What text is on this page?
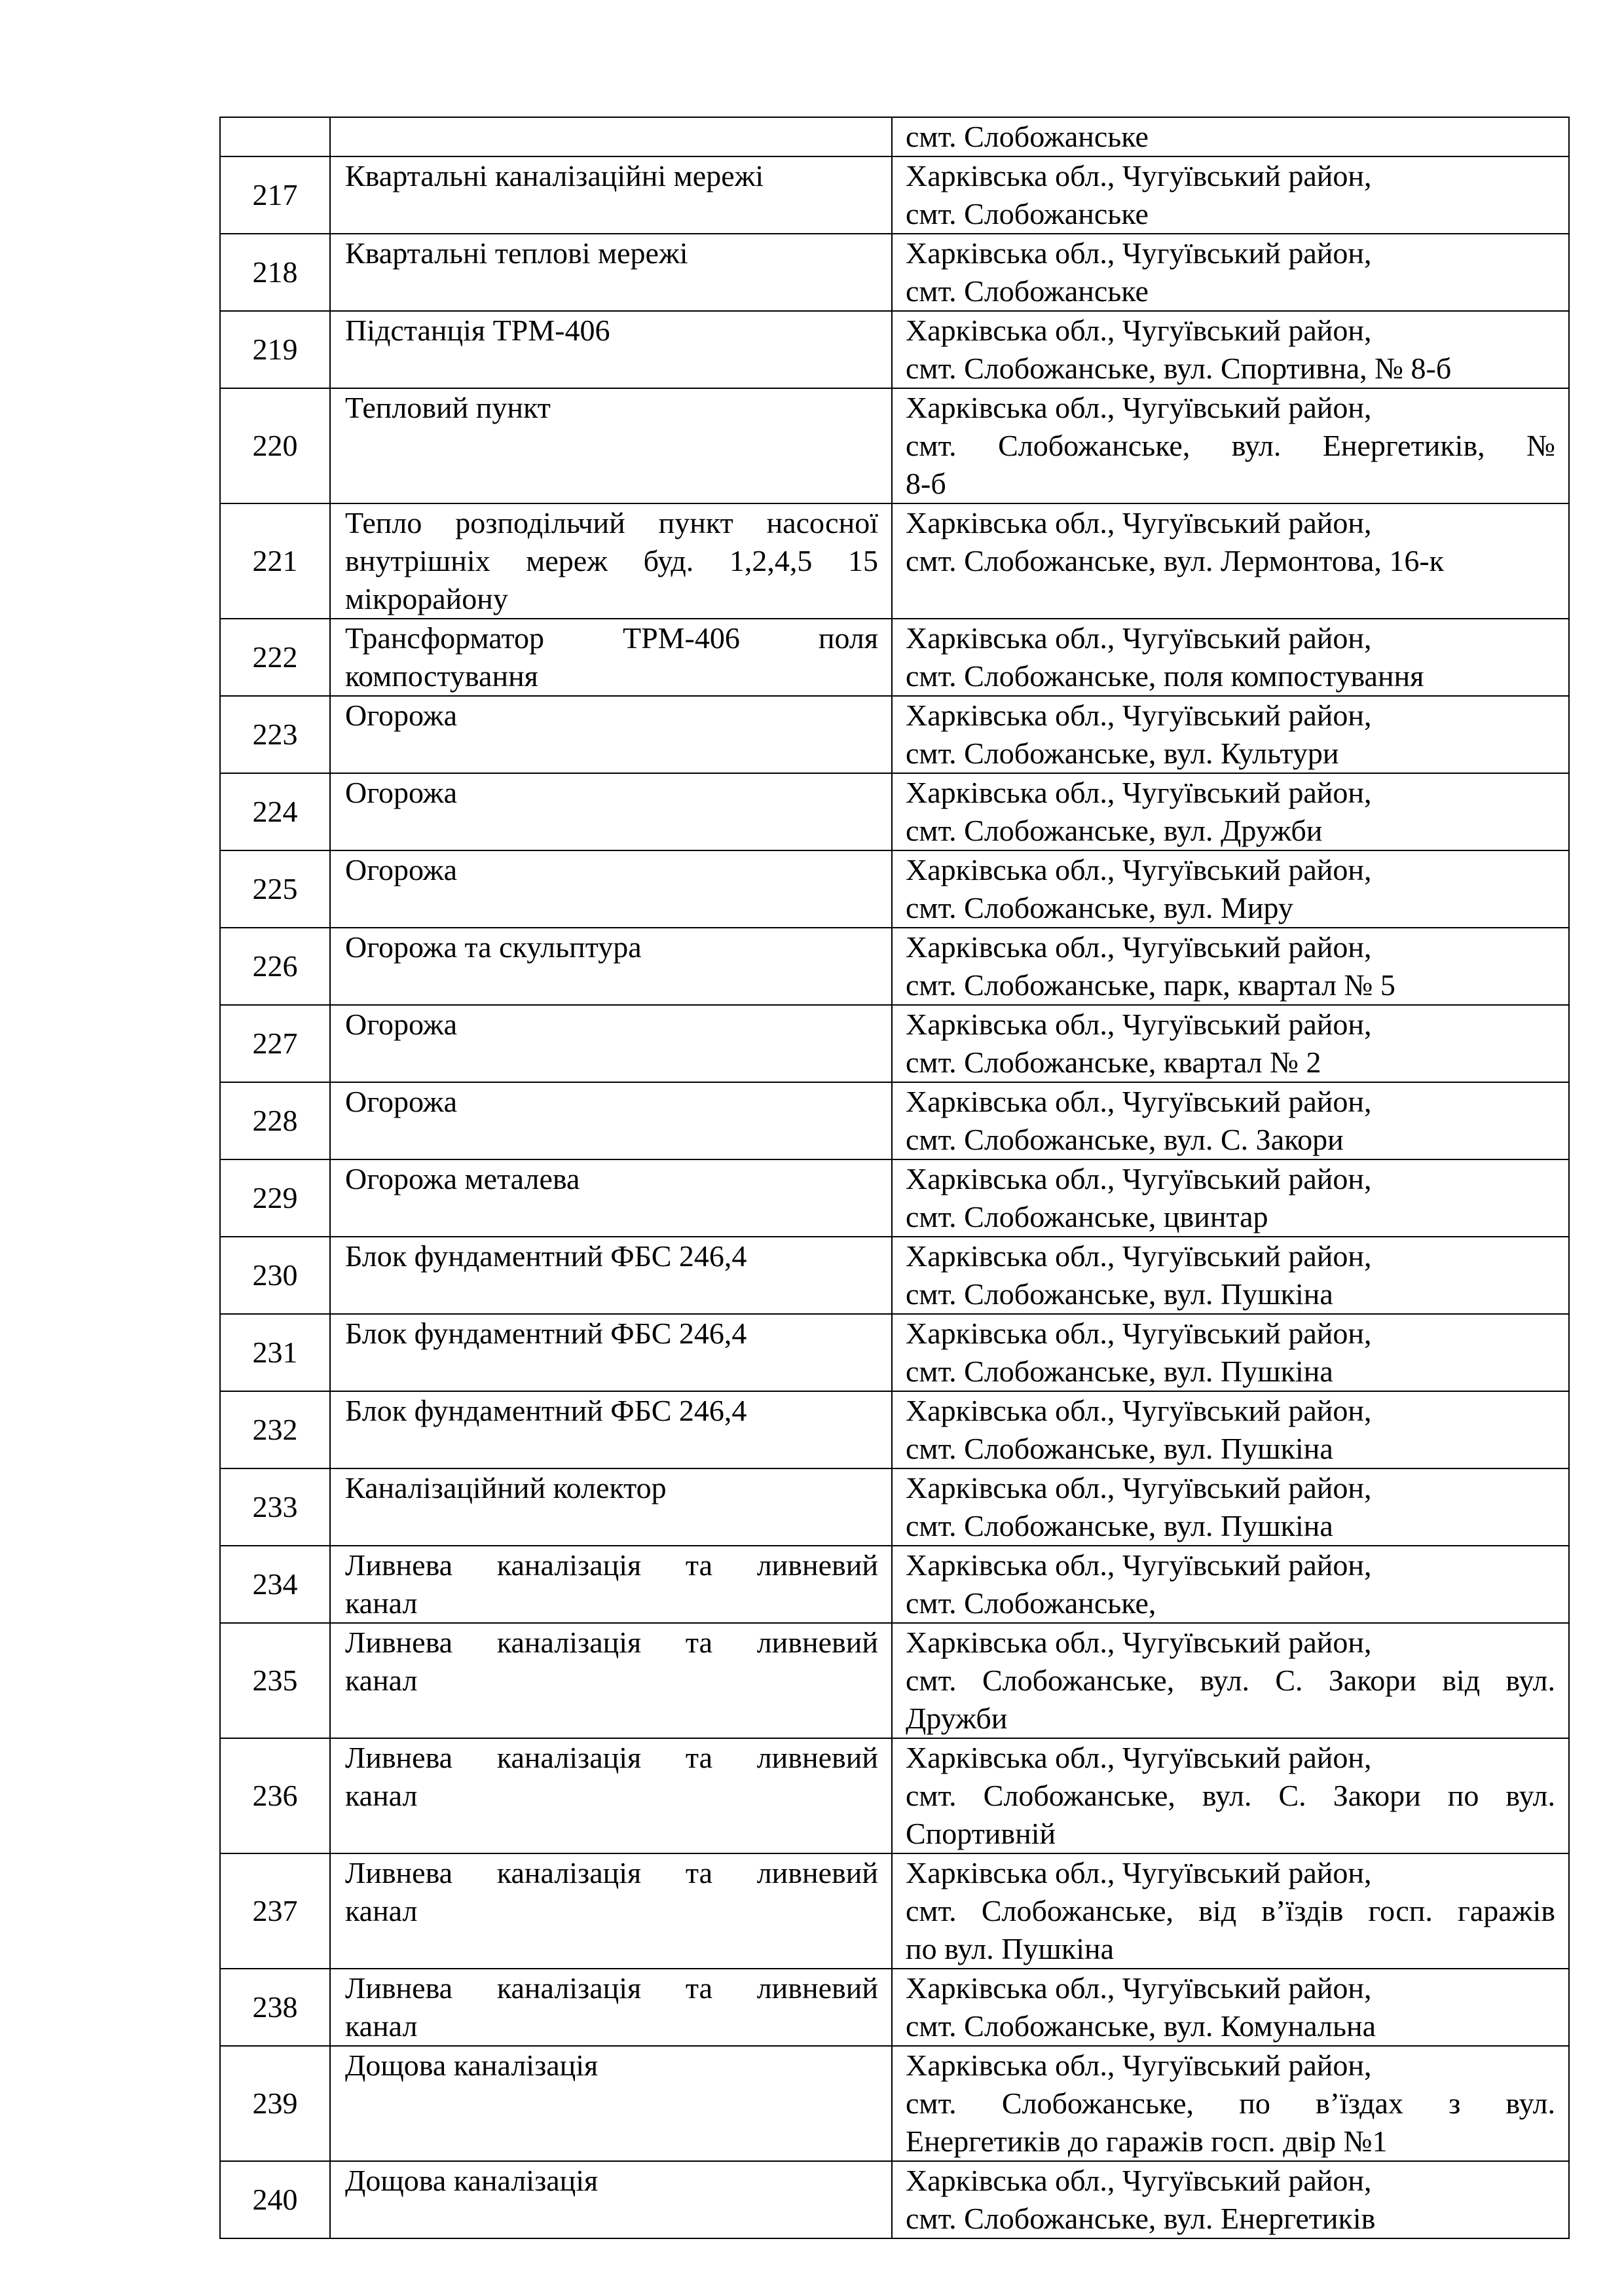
		смт. Слобожанське

217	Квартальні каналізаційні мережі	Харківська обл., Чугуївський район,
смт. Слобожанське

218	Квартальні теплові мережі	Харківська обл., Чугуївський район,
смт. Слобожанське

219	Підстанція ТРМ-406	Харківська обл., Чугуївський район,
смт. Слобожанське, вул. Спортивна, № 8-б

220	Тепловий пункт	Харківська обл., Чугуївський район,
смт. Слобожанське, вул. Енергетиків, №
8-б

221	Тепло розподільчий пункт насосної
внутрішніх мереж буд. 1,2,4,5 15
мікрорайону	Харківська обл., Чугуївський район,
смт. Слобожанське, вул. Лермонтова, 16-к

222	Трансформатор ТРМ-406 поля
компостування	Харківська обл., Чугуївський район,
смт. Слобожанське, поля компостування

223	Огорожа	Харківська обл., Чугуївський район,
смт. Слобожанське, вул. Культури

224	Огорожа	Харківська обл., Чугуївський район,
смт. Слобожанське, вул. Дружби

225	Огорожа	Харківська обл., Чугуївський район,
смт. Слобожанське, вул. Миру

226	Огорожа та скульптура	Харківська обл., Чугуївський район,
смт. Слобожанське, парк, квартал № 5

227	Огорожа	Харківська обл., Чугуївський район,
смт. Слобожанське, квартал № 2

228	Огорожа	Харківська обл., Чугуївський район,
смт. Слобожанське, вул. С. Закори

229	Огорожа металева	Харківська обл., Чугуївський район,
смт. Слобожанське, цвинтар

230	Блок фундаментний ФБС 246,4	Харківська обл., Чугуївський район,
смт. Слобожанське, вул. Пушкіна

231	Блок фундаментний ФБС 246,4	Харківська обл., Чугуївський район,
смт. Слобожанське, вул. Пушкіна

232	Блок фундаментний ФБС 246,4	Харківська обл., Чугуївський район,
смт. Слобожанське, вул. Пушкіна

233	Каналізаційний колектор	Харківська обл., Чугуївський район,
смт. Слобожанське, вул. Пушкіна

234	Ливнева каналізація та ливневий
канал	Харківська обл., Чугуївський район,
смт. Слобожанське,

235	Ливнева каналізація та ливневий
канал	Харківська обл., Чугуївський район,
смт. Слобожанське, вул. С. Закори від вул.
Дружби

236	Ливнева каналізація та ливневий
канал	Харківська обл., Чугуївський район,
смт. Слобожанське, вул. С. Закори по вул.
Спортивній

237	Ливнева каналізація та ливневий
канал	Харківська обл., Чугуївський район,
смт. Слобожанське, від в’їздів госп. гаражів
по вул. Пушкіна

238	Ливнева каналізація та ливневий
канал	Харківська обл., Чугуївський район,
смт. Слобожанське, вул. Комунальна

239	Дощова каналізація	Харківська обл., Чугуївський район,
смт. Слобожанське, по в’їздах з вул.
Енергетиків до гаражів госп. двір №1

240	Дощова каналізація	Харківська обл., Чугуївський район,
смт. Слобожанське, вул. Енергетиків
